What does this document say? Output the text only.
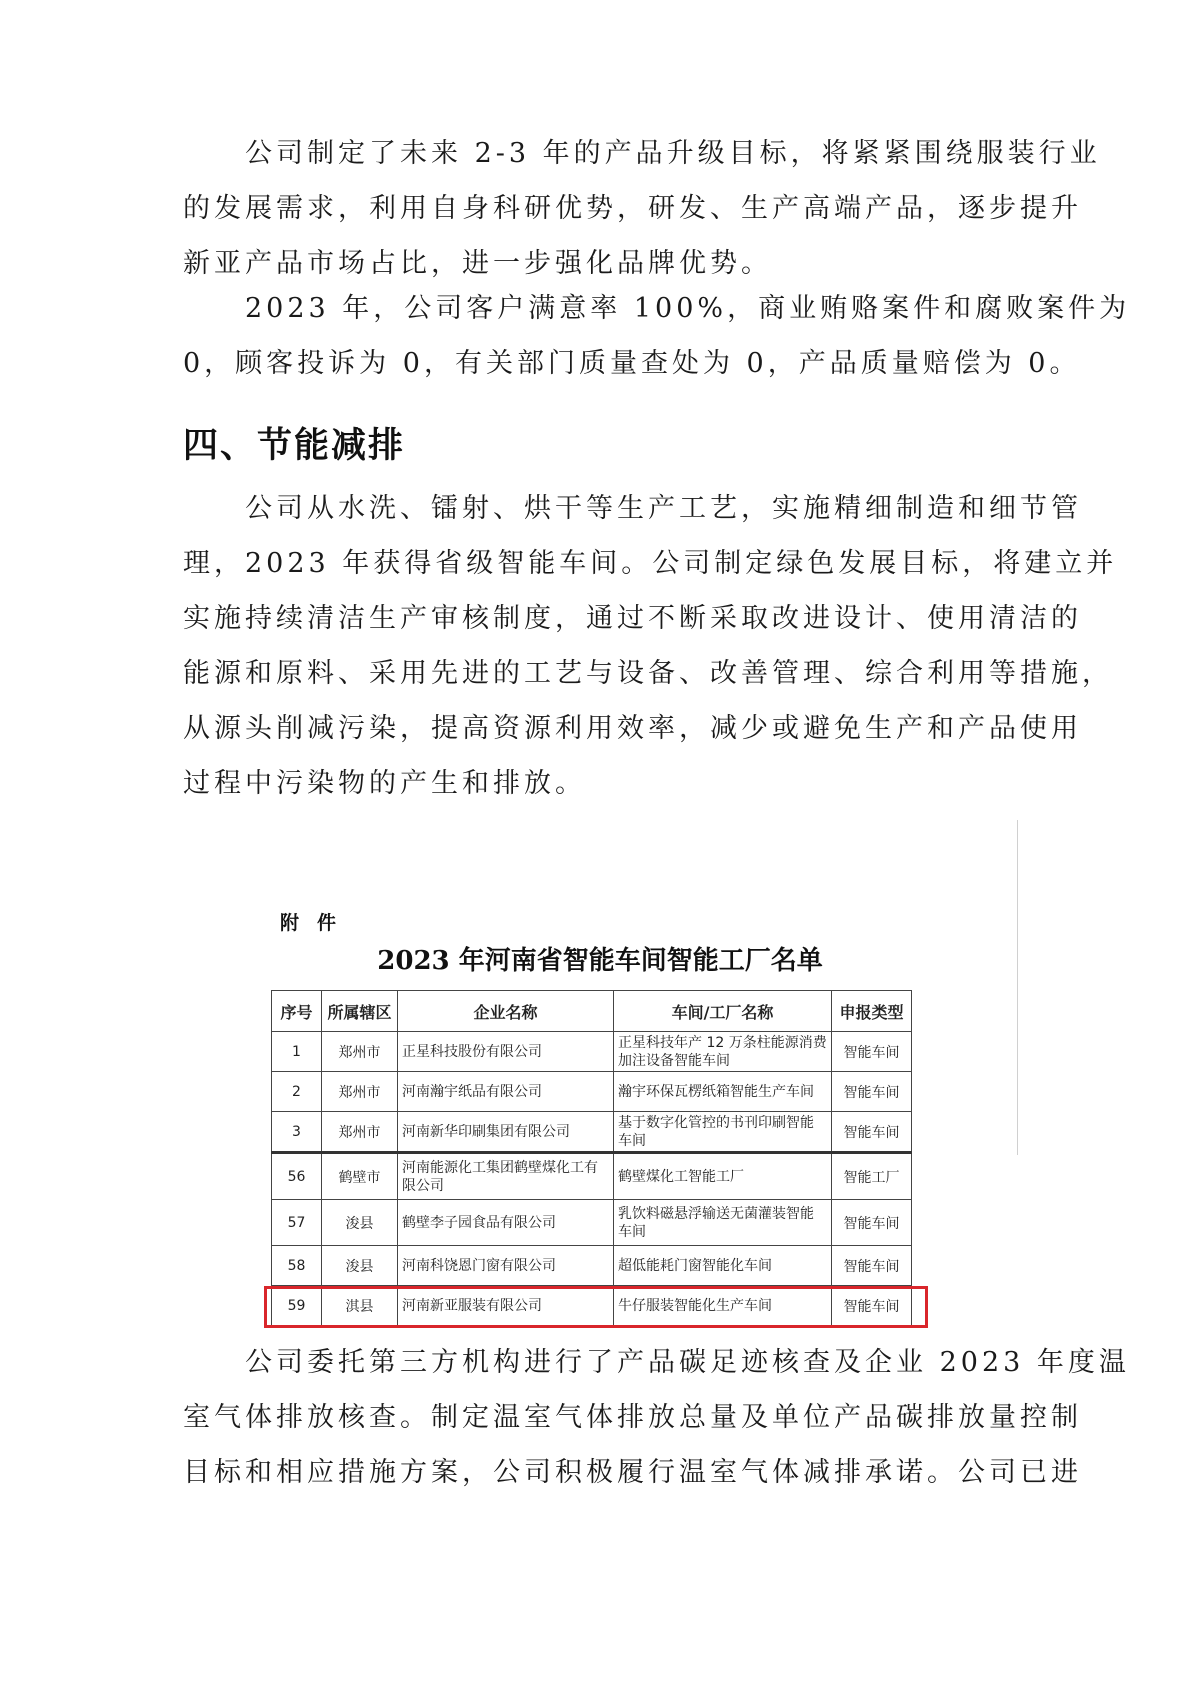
　　公司制定了未来 2-3 年的产品升级目标，将紧紧围绕服装行业
的发展需求，利用自身科研优势，研发、生产高端产品，逐步提升
新亚产品市场占比，进一步强化品牌优势。

　　2023 年，公司客户满意率 100%，商业贿赂案件和腐败案件为
0，顾客投诉为 0，有关部门质量查处为 0，产品质量赔偿为 0。

四、节能减排

　　公司从水洗、镭射、烘干等生产工艺，实施精细制造和细节管
理，2023 年获得省级智能车间。公司制定绿色发展目标，将建立并
实施持续清洁生产审核制度，通过不断采取改进设计、使用清洁的
能源和原料、采用先进的工艺与设备、改善管理、综合利用等措施，
从源头削减污染，提高资源利用效率，减少或避免生产和产品使用
过程中污染物的产生和排放。

附件
2023 年河南省智能车间智能工厂名单
序号	所属辖区	企业名称	车间/工厂名称	申报类型
1	郑州市	正星科技股份有限公司	正星科技年产 12 万条柱能源消费加注设备智能车间	智能车间
2	郑州市	河南瀚宇纸品有限公司	瀚宇环保瓦楞纸箱智能生产车间	智能车间
3	郑州市	河南新华印刷集团有限公司	基于数字化管控的书刊印刷智能车间	智能车间
56	鹤壁市	河南能源化工集团鹤壁煤化工有限公司	鹤壁煤化工智能工厂	智能工厂
57	浚县	鹤壁李子园食品有限公司	乳饮料磁悬浮输送无菌灌装智能车间	智能车间
58	浚县	河南科饶恩门窗有限公司	超低能耗门窗智能化车间	智能车间
59	淇县	河南新亚服装有限公司	牛仔服装智能化生产车间	智能车间

　　公司委托第三方机构进行了产品碳足迹核查及企业 2023 年度温
室气体排放核查。制定温室气体排放总量及单位产品碳排放量控制
目标和相应措施方案，公司积极履行温室气体减排承诺。公司已进
